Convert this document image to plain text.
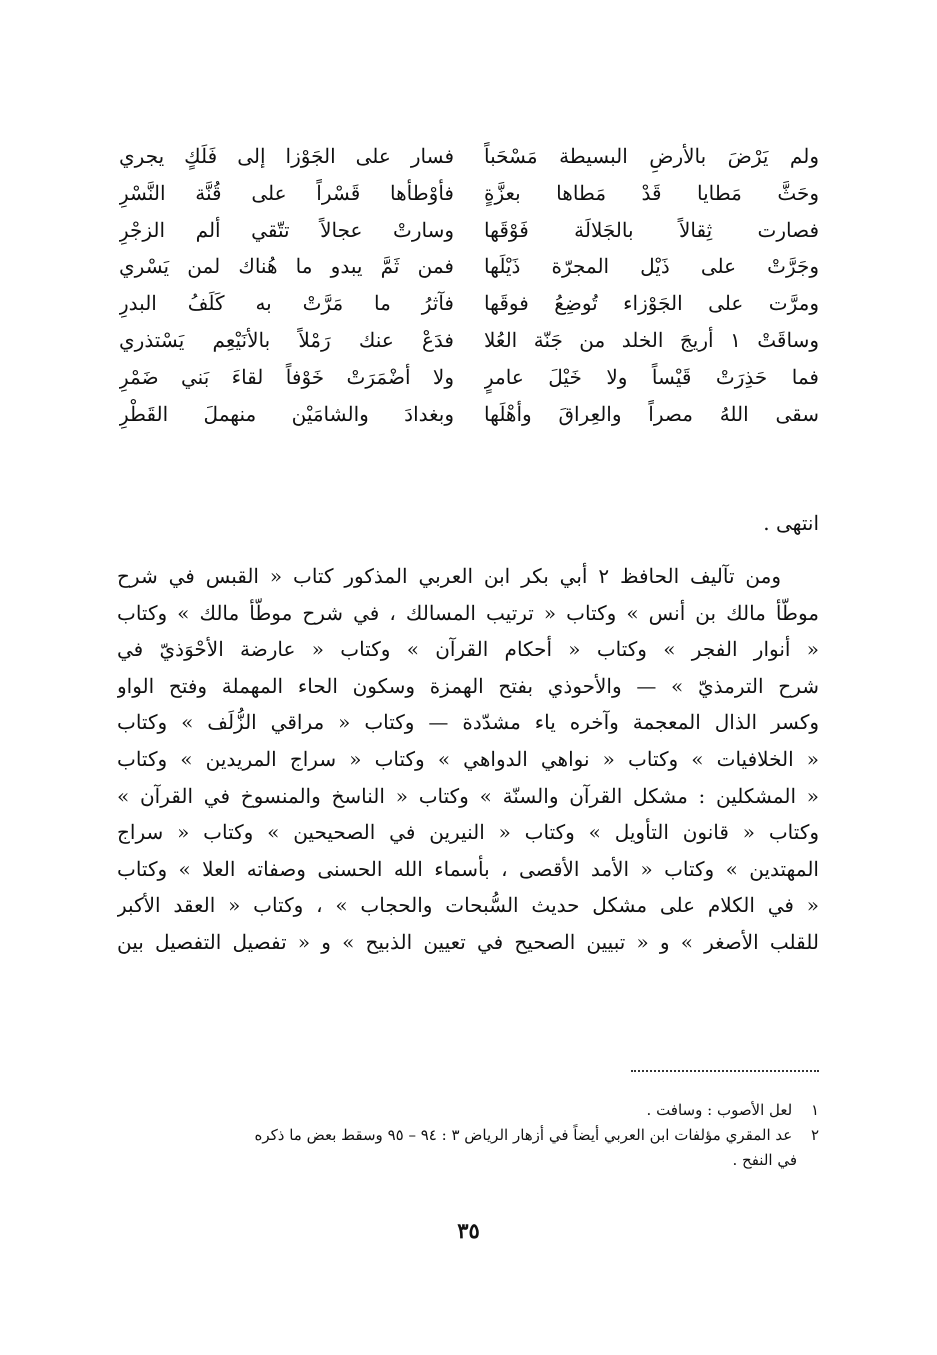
ولم يَرْضَ بالأرضِ البسيطة مَسْحَباً
فسار على الجَوْزا إلى فَلَكٍ يجري
وحَثَّ مَطايا قَدْ مَطاها بعزَّةٍ
فأوْطأها قَسْراً على قُنَّة النَّسْرِ
فصارت ثِقالاً بالجَلالَة فَوْقَها
وسارتْ عجالاً تتّقي ألم الزجْرِ
وجَرَّتْ على ذَيْل المجرّة ذَيْلَها
فمن ثَمَّ يبدو ما هُناك لمن يَسْري
ومرَّت على الجَوْزاء تُوضِعُ فوقَها
فآثرُ ما مَرَّتْ به كَلَفُ البدرِ
وساقَتْ ١ أريجَ الخلد من جَنّة العُلا
فدَعْ عنك رَمْلاً بالأنَيْعِم يَسْتذري
فما حَذِرَتْ قَيْساً ولا خَيْلَ عامرٍ
ولا أضْمَرَتْ خَوْفاً لقاءَ بَني ضَمْرِ
سقى اللهُ مصراً والعِراقَ وأهْلَها
وبغدادَ والشامَيْن منهملَ القَطْرِ
انتهى .
ومن تآليف الحافظ ٢ أبي بكر ابن العربي المذكور كتاب « القبس في شرح
موطّأ مالك بن أنس » وكتاب « ترتيب المسالك ، في شرح موطّأ مالك » وكتاب
« أنوار الفجر » وكتاب « أحكام القرآن » وكتاب « عارضة الأحْوَذيّ في
شرح الترمذيّ » — والأحوذي بفتح الهمزة وسكون الحاء المهملة وفتح الواو
وكسر الذال المعجمة وآخره ياء مشدّدة — وكتاب « مراقي الزُّلَف » وكتاب
« الخلافيات » وكتاب « نواهي الدواهي » وكتاب « سراج المريدين » وكتاب
« المشكلين : مشكل القرآن والسنّة » وكتاب « الناسخ والمنسوخ في القرآن »
وكتاب « قانون التأويل » وكتاب « النيرين في الصحيحين » وكتاب « سراج
المهتدين » وكتاب « الأمد الأقصى ، بأسماء الله الحسنى وصفاته العلا » وكتاب
« في الكلام على مشكل حديث السُّبحات والحجاب » ، وكتاب « العقد الأكبر
للقلب الأصغر » و « تبيين الصحيح في تعيين الذبيح » و « تفصيل التفصيل بين
١ لعل الأصوب : وسافت .
٢ عد المقري مؤلفات ابن العربي أيضاً في أزهار الرياض ٣ : ٩٤ – ٩٥ وسقط بعض ما ذكره
في النفح .
٣٥
